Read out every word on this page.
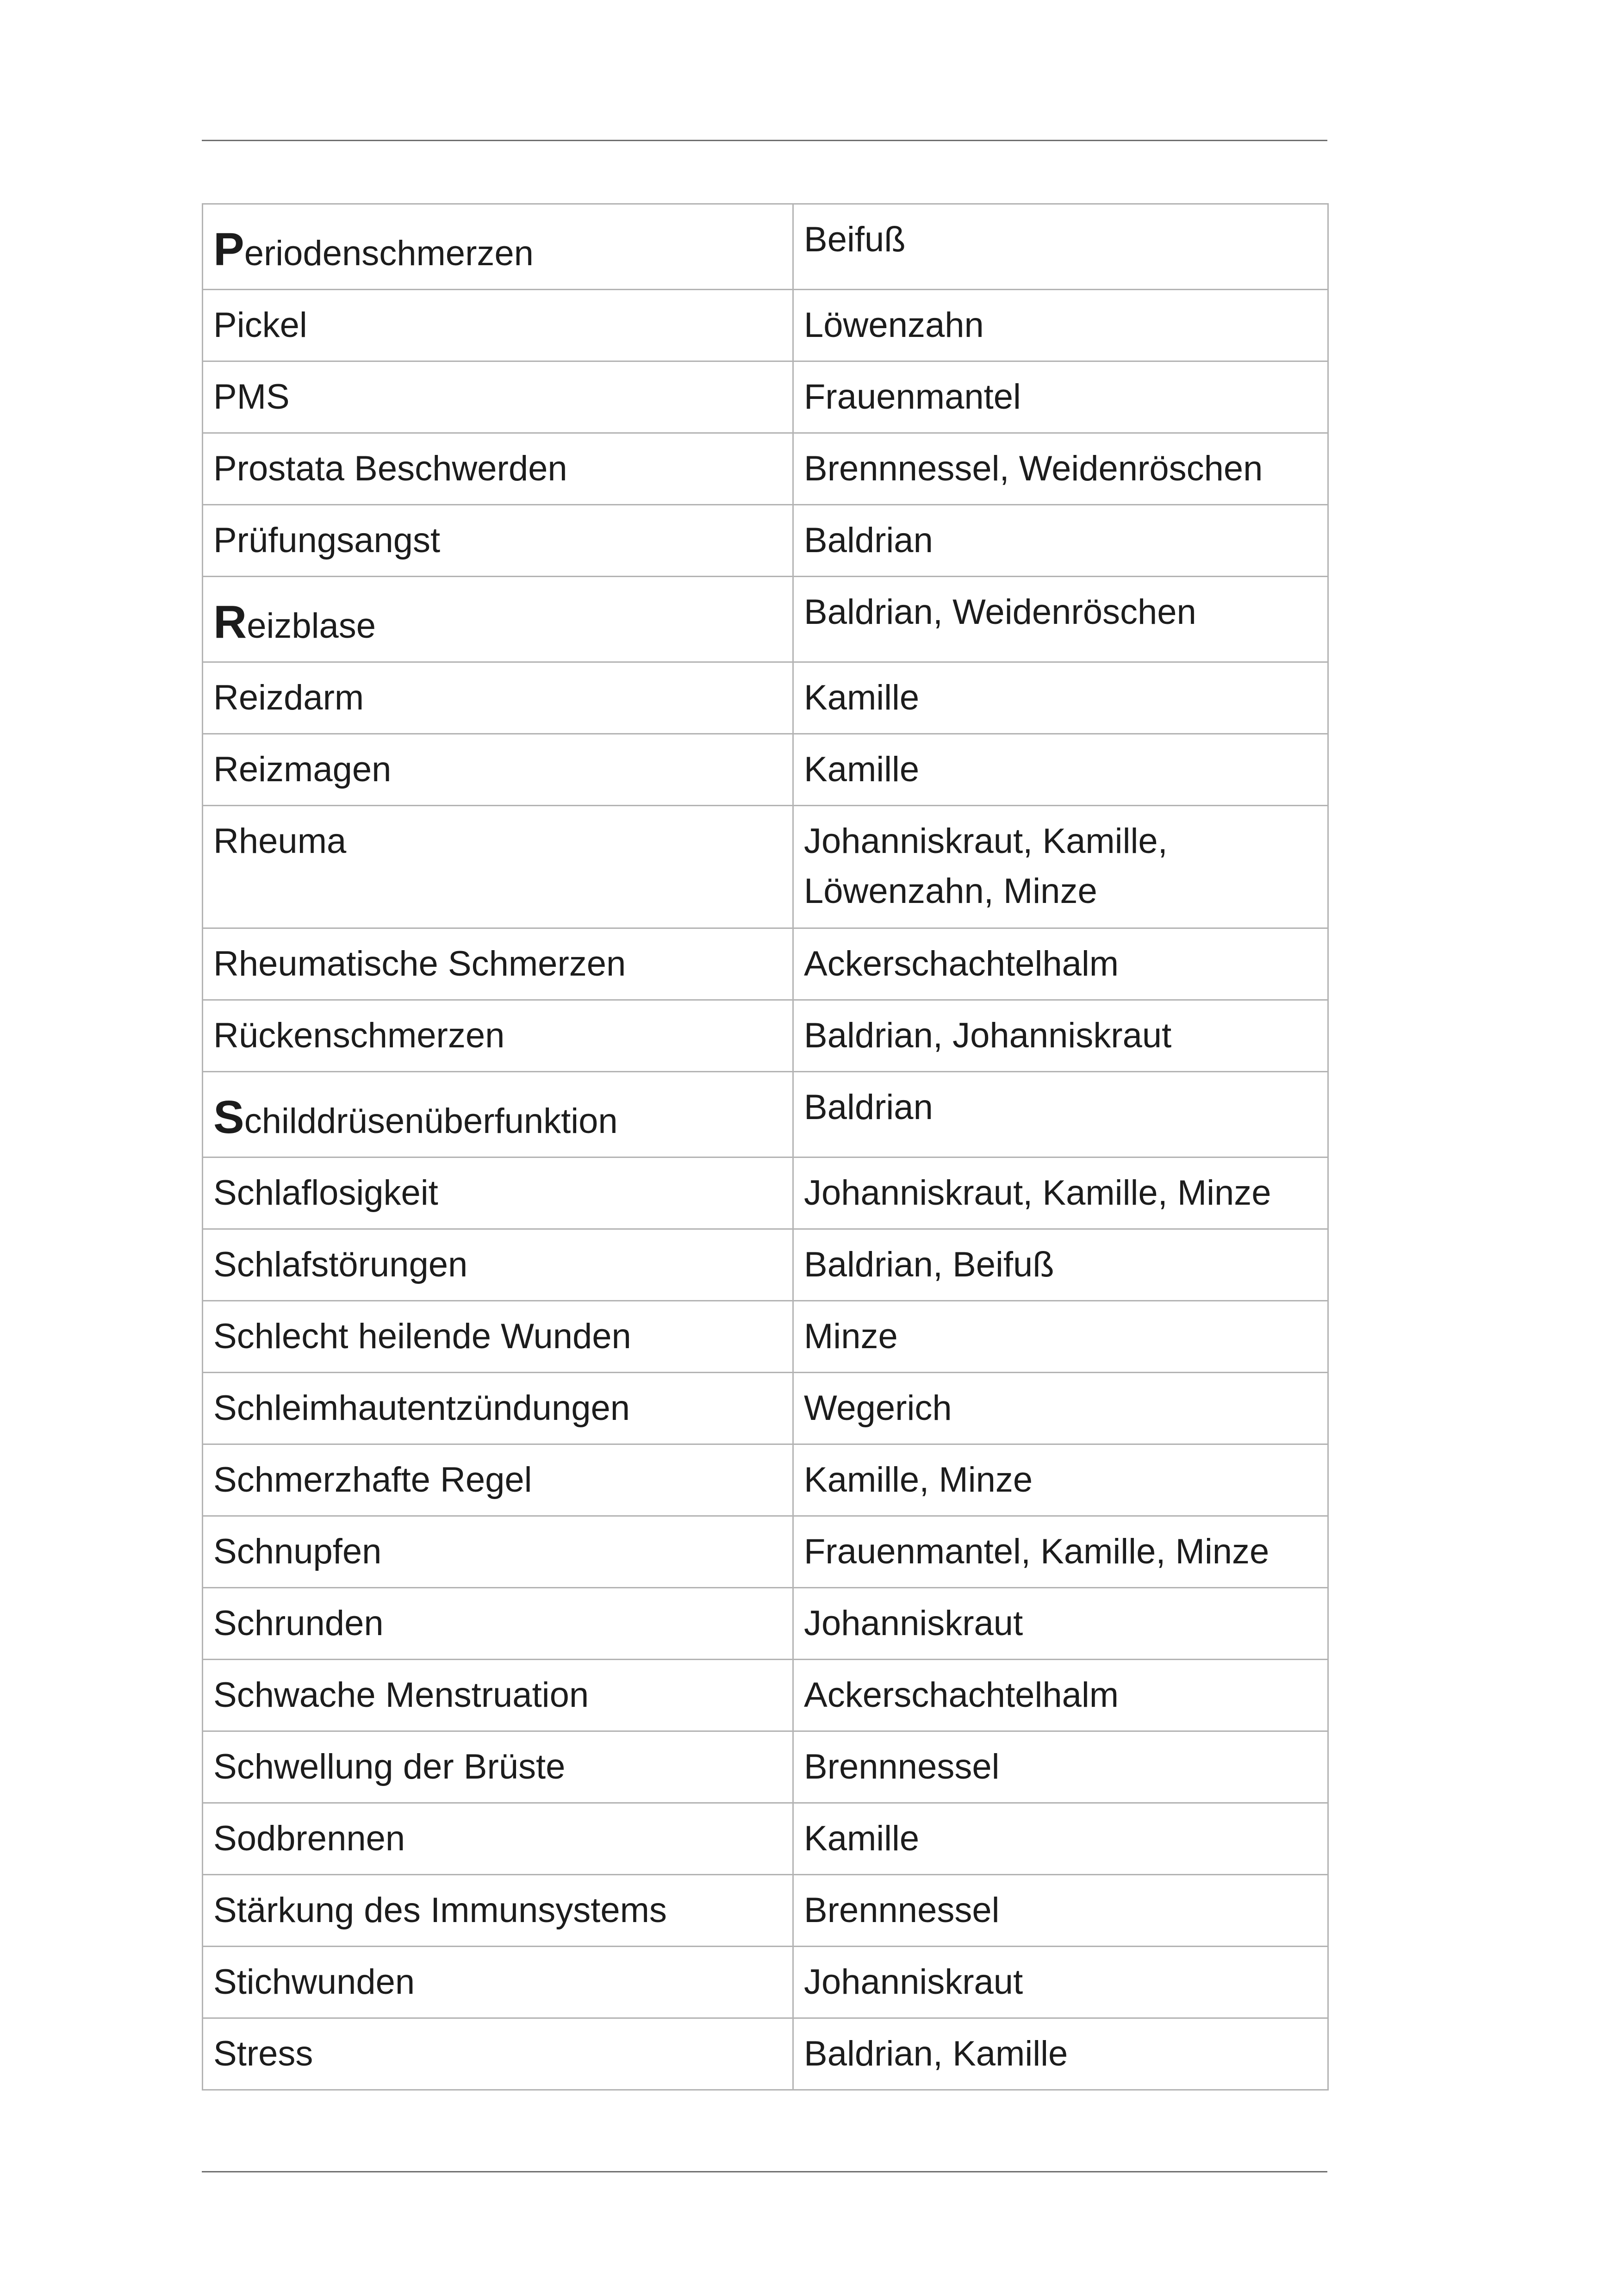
Periodenschmerzen	Beifuß
Pickel	Löwenzahn
PMS	Frauenmantel
Prostata Beschwerden	Brennnessel, Weidenröschen
Prüfungsangst	Baldrian
Reizblase	Baldrian, Weidenröschen
Reizdarm	Kamille
Reizmagen	Kamille
Rheuma	Johanniskraut, Kamille, Löwenzahn, Minze
Rheumatische Schmerzen	Ackerschachtelhalm
Rückenschmerzen	Baldrian, Johanniskraut
Schilddrüsenüberfunktion	Baldrian
Schlaflosigkeit	Johanniskraut, Kamille, Minze
Schlafstörungen	Baldrian, Beifuß
Schlecht heilende Wunden	Minze
Schleimhautentzündungen	Wegerich
Schmerzhafte Regel	Kamille, Minze
Schnupfen	Frauenmantel, Kamille, Minze
Schrunden	Johanniskraut
Schwache Menstruation	Ackerschachtelhalm
Schwellung der Brüste	Brennnessel
Sodbrennen	Kamille
Stärkung des Immunsystems	Brennnessel
Stichwunden	Johanniskraut
Stress	Baldrian, Kamille
